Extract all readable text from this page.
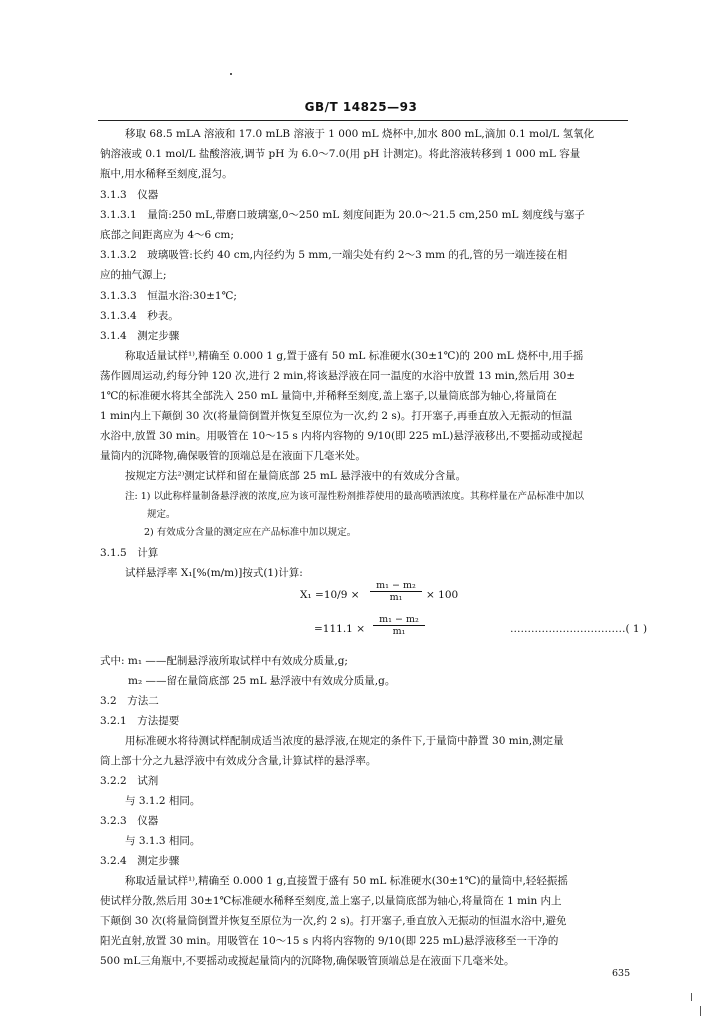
GB/T 14825—93
移取 68.5 mLA 溶液和 17.0 mLB 溶液于 1 000 mL 烧杯中,加水 800 mL,滴加 0.1 mol/L 氢氧化
钠溶液或 0.1 mol/L 盐酸溶液,调节 pH 为 6.0～7.0(用 pH 计测定)。将此溶液转移到 1 000 mL 容量
瓶中,用水稀释至刻度,混匀。
3.1.3　仪器
3.1.3.1　量筒:250 mL,带磨口玻璃塞,0～250 mL 刻度间距为 20.0～21.5 cm,250 mL 刻度线与塞子
底部之间距离应为 4～6 cm;
3.1.3.2　玻璃吸管:长约 40 cm,内径约为 5 mm,一端尖处有约 2～3 mm 的孔,管的另一端连接在相
应的抽气源上;
3.1.3.3　恒温水浴:30±1℃;
3.1.3.4　秒表。
3.1.4　测定步骤
称取适量试样¹⁾,精确至 0.000 1 g,置于盛有 50 mL 标准硬水(30±1℃)的 200 mL 烧杯中,用手摇
荡作圆周运动,约每分钟 120 次,进行 2 min,将该悬浮液在同一温度的水浴中放置 13 min,然后用 30±
1℃的标准硬水将其全部洗入 250 mL 量筒中,并稀释至刻度,盖上塞子,以量筒底部为轴心,将量筒在
1 min内上下颠倒 30 次(将量筒倒置并恢复至原位为一次,约 2 s)。打开塞子,再垂直放入无振动的恒温
水浴中,放置 30 min。用吸管在 10～15 s 内将内容物的 9/10(即 225 mL)悬浮液移出,不要摇动或搅起
量筒内的沉降物,确保吸管的顶端总是在液面下几毫米处。
按规定方法²⁾测定试样和留在量筒底部 25 mL 悬浮液中的有效成分含量。
注: 1) 以此称样量制备悬浮液的浓度,应为该可湿性粉剂推荐使用的最高喷洒浓度。其称样量在产品标准中加以
规定。
2) 有效成分含量的测定应在产品标准中加以规定。
3.1.5　计算
试样悬浮率 X₁[%(m/m)]按式(1)计算:
式中: m₁ ——配制悬浮液所取试样中有效成分质量,g;
m₂ ——留在量筒底部 25 mL 悬浮液中有效成分质量,g。
3.2　方法二
3.2.1　方法提要
用标准硬水将待测试样配制成适当浓度的悬浮液,在规定的条件下,于量筒中静置 30 min,测定量
筒上部十分之九悬浮液中有效成分含量,计算试样的悬浮率。
3.2.2　试剂
与 3.1.2 相同。
3.2.3　仪器
与 3.1.3 相同。
3.2.4　测定步骤
称取适量试样¹⁾,精确至 0.000 1 g,直接置于盛有 50 mL 标准硬水(30±1℃)的量筒中,轻轻振摇
使试样分散,然后用 30±1℃标准硬水稀释至刻度,盖上塞子,以量筒底部为轴心,将量筒在 1 min 内上
下颠倒 30 次(将量筒倒置并恢复至原位为一次,约 2 s)。打开塞子,垂直放入无振动的恒温水浴中,避免
阳光直射,放置 30 min。用吸管在 10～15 s 内将内容物的 9/10(即 225 mL)悬浮液移至一干净的
500 mL三角瓶中,不要摇动或搅起量筒内的沉降物,确保吸管顶端总是在液面下几毫米处。
$X_1 =10/9 \times \frac{\text{m₁ − m₂}}{\text{m₁}} \times 100$
$=111.1 \times \frac{\text{m₁ − m₂}}{\text{m₁}}$	……………………………( 1 )
635
